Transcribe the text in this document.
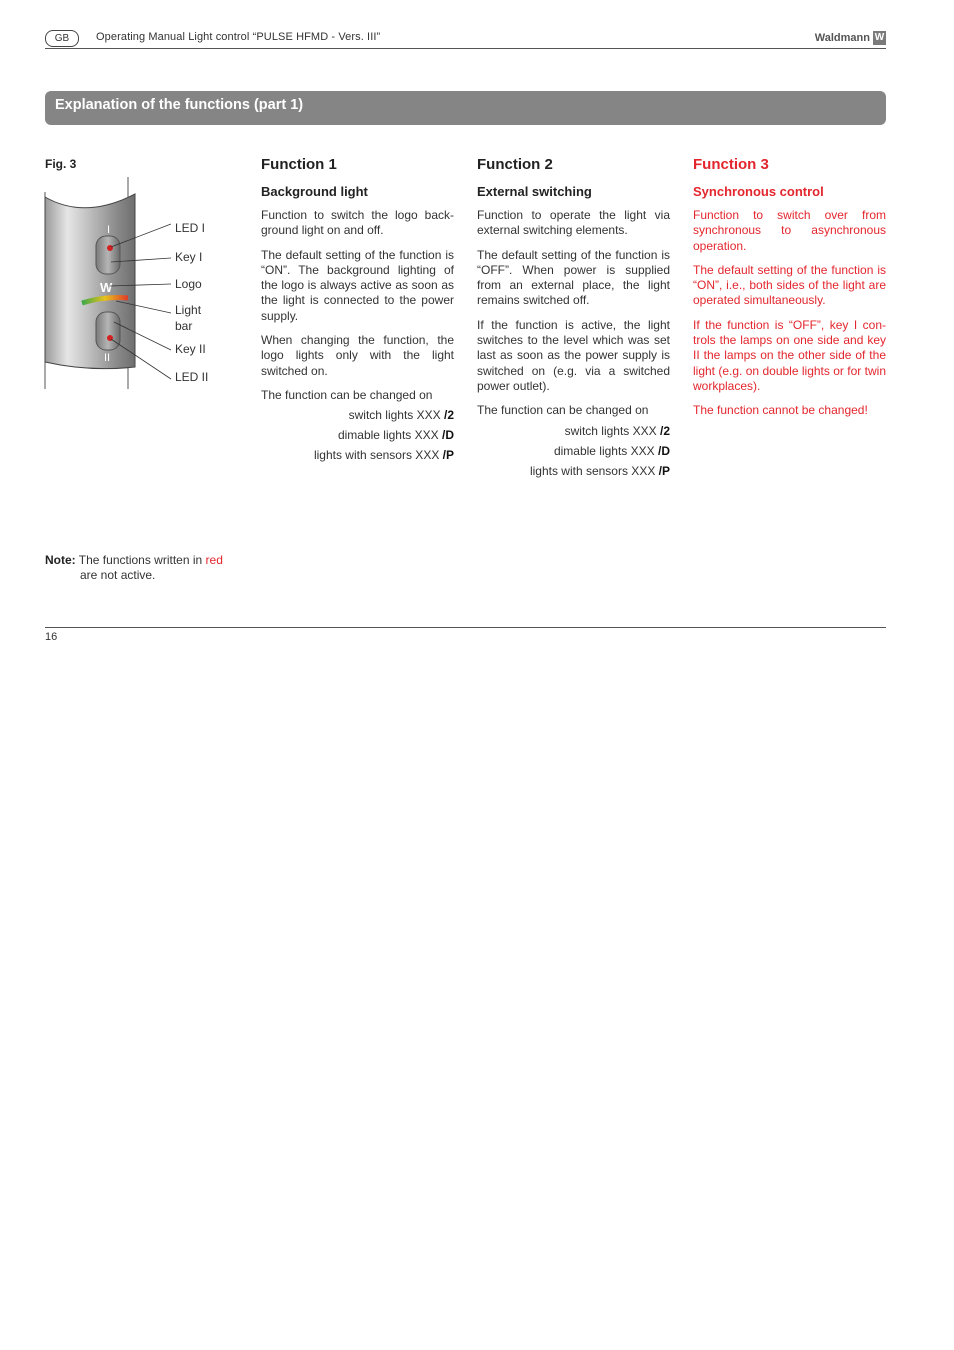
GB	Operating Manual Light control “PULSE HFMD - Vers. III”	Waldmann W
Explanation of the functions (part 1)
Fig. 3
I
W
II
LED I
Key I
Logo
Light
bar
Key II
LED II
Function 1
Background light

Function to switch the logo back-ground light on and off.

The default setting of the function is “ON”. The background lighting of the logo is always active as soon as the light is connected to the power supply.

When changing the function, the logo lights only with the light switched on.

The function can be changed on

switch lights XXX /2
dimable lights XXX /D
lights with sensors XXX /P
Function 2
External switching

Function to operate the light via external switching elements.

The default setting of the function is “OFF”. When power is supplied from an external place, the light remains switched off.

If the function is active, the light switches to the level which was set last as soon as the power supply is switched on (e.g. via a switched power outlet).

The function can be changed on

switch lights XXX /2
dimable lights XXX /D
lights with sensors XXX /P
Function 3
Synchronous control

Function to switch over from synchronous to asynchronous operation.

The default setting of the function is “ON”, i.e., both sides of the light are operated simultaneously.

If the function is “OFF”, key I con-trols the lamps on one side and key II the lamps on the other side of the light (e.g. on double lights or for twin workplaces).

The function cannot be changed!

Note: The functions written in red
are not active.
16
